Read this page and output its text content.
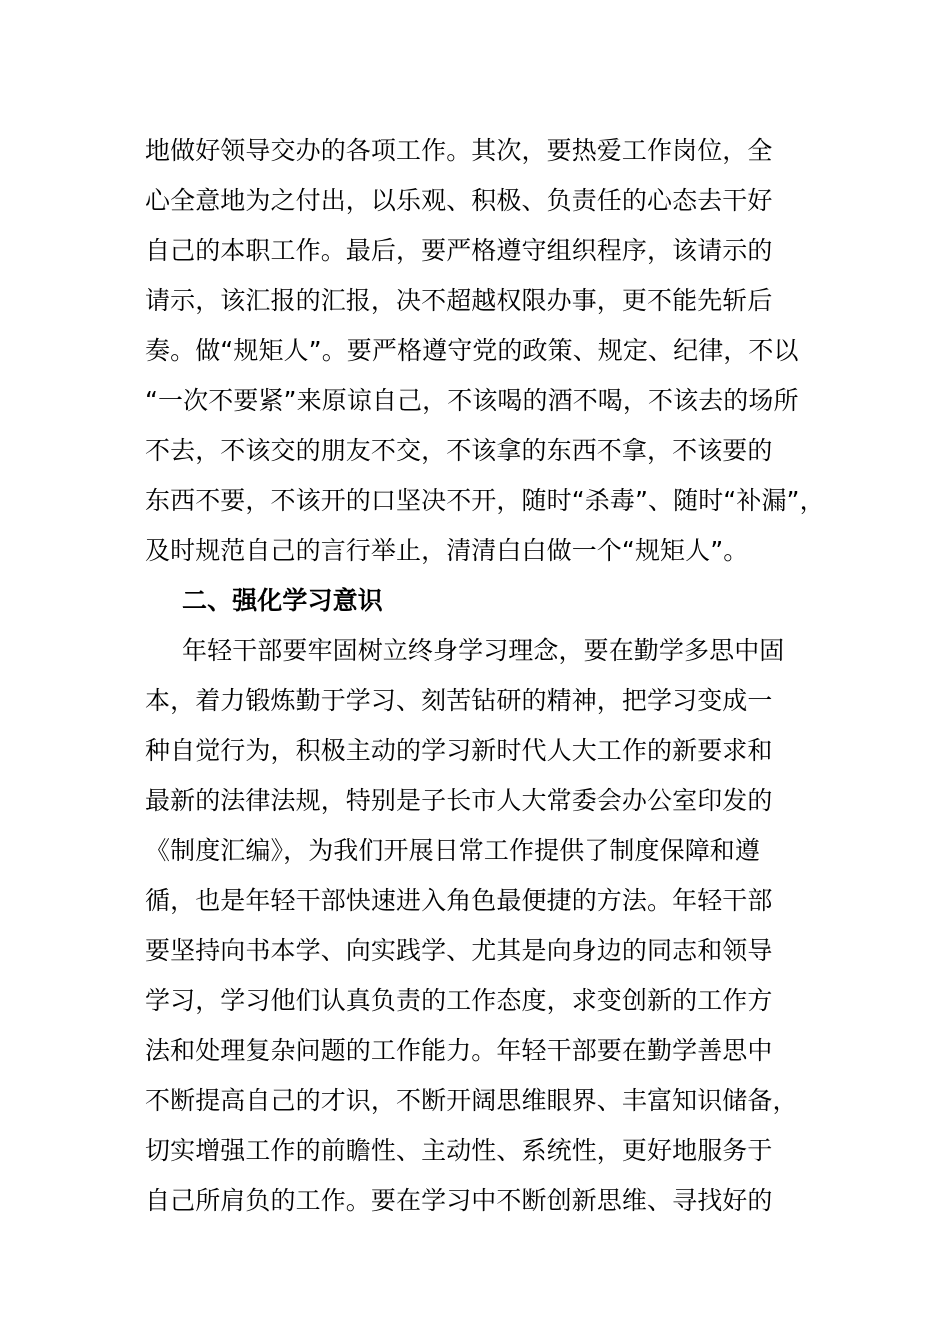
地做好领导交办的各项工作。其次，要热爱工作岗位，全
心全意地为之付出，以乐观、积极、负责任的心态去干好
自己的本职工作。最后，要严格遵守组织程序，该请示的
请示，该汇报的汇报，决不超越权限办事，更不能先斩后
奏。做“规矩人”。要严格遵守党的政策、规定、纪律，不以
“一次不要紧”来原谅自己，不该喝的酒不喝，不该去的场所
不去，不该交的朋友不交，不该拿的东西不拿，不该要的
东西不要，不该开的口坚决不开，随时“杀毒”、随时“补漏”，
及时规范自己的言行举止，清清白白做一个“规矩人”。
二、强化学习意识
年轻干部要牢固树立终身学习理念，要在勤学多思中固
本，着力锻炼勤于学习、刻苦钻研的精神，把学习变成一
种自觉行为，积极主动的学习新时代人大工作的新要求和
最新的法律法规，特别是子长市人大常委会办公室印发的
《制度汇编》，为我们开展日常工作提供了制度保障和遵
循，也是年轻干部快速进入角色最便捷的方法。年轻干部
要坚持向书本学、向实践学、尤其是向身边的同志和领导
学习，学习他们认真负责的工作态度，求变创新的工作方
法和处理复杂问题的工作能力。年轻干部要在勤学善思中
不断提高自己的才识，不断开阔思维眼界、丰富知识储备，
切实增强工作的前瞻性、主动性、系统性，更好地服务于
自己所肩负的工作。要在学习中不断创新思维、寻找好的
